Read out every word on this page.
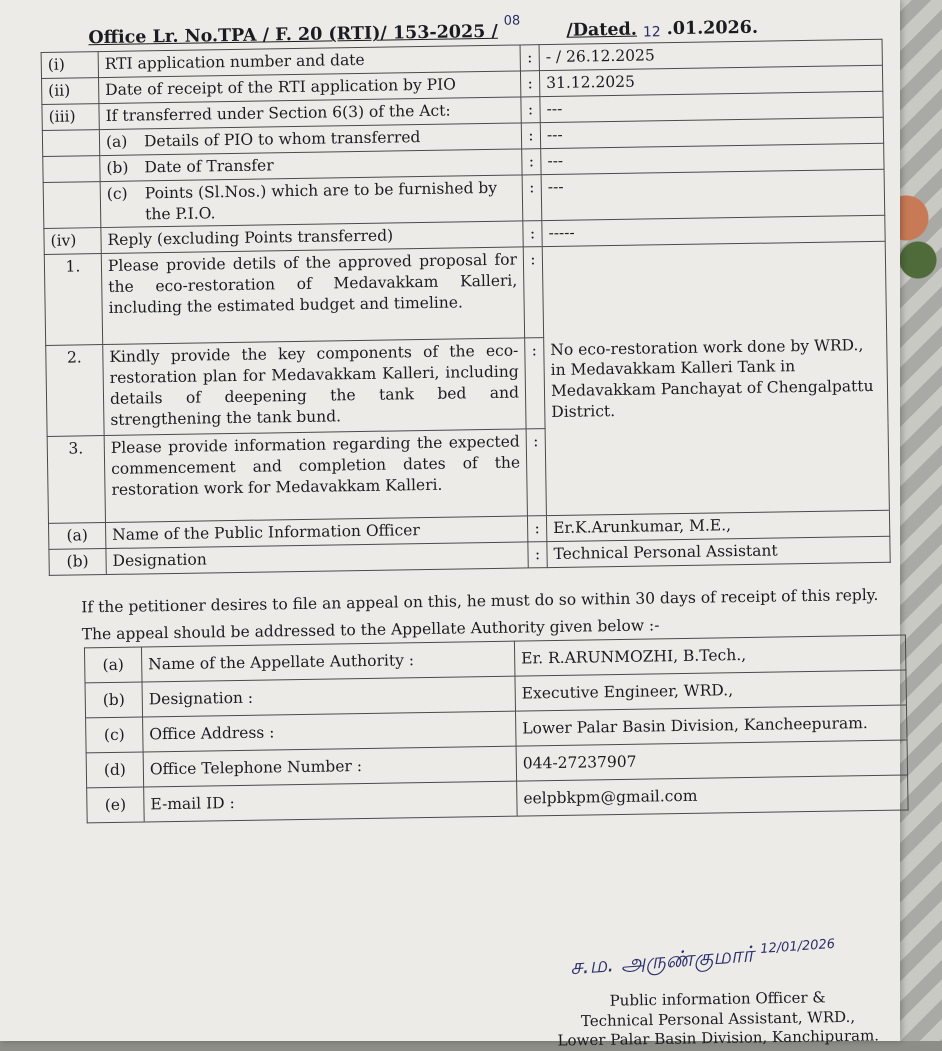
Office Lr. No.TPA / F. 20 (RTI)/ 153-2025 /
08	/Dated. 12 .01.2026.
(i)	RTI application number and date	:	- / 26.12.2025
(ii)	Date of receipt of the RTI application by PIO	:	31.12.2025
(iii)	If transferred under Section 6(3) of the Act:	:	---

	(a) Details of PIO to whom transferred	:	---

	(b) Date of Transfer	:	---

	(c) Points (Sl.Nos.) which are to be furnished by the P.I.O.	:	---
(iv)	Reply (excluding Points transferred)	:	-----
1.	Please provide detils of the approved proposal for the eco-restoration of Medavakkam Kalleri, including the estimated budget and timeline.	:	No eco-restoration work done by WRD., in Medavakkam Kalleri Tank in Medavakkam Panchayat of Chengalpattu District.
2.	Kindly provide the key components of the eco-restoration plan for Medavakkam Kalleri, including details of deepening the tank bed and strengthening the tank bund.	:	
3.	Please provide information regarding the expected commencement and completion dates of the restoration work for Medavakkam Kalleri.	:	
(a)	Name of the Public Information Officer	:	Er.K.Arunkumar, M.E.,
(b)	Designation	:	Technical Personal Assistant

If the petitioner desires to file an appeal on this, he must do so within 30 days of receipt of this reply.

The appeal should be addressed to the Appellate Authority given below :-

(a)	Name of the Appellate Authority :	Er. R.ARUNMOZHI, B.Tech.,
(b)	Designation :	Executive Engineer, WRD.,
(c)	Office Address :	Lower Palar Basin Division, Kancheepuram.
(d)	Office Telephone Number :	044-27237907
(e)	E-mail ID :	eelpbkpm@gmail.com
ச.ம. அருண்குமார் $^{12/01/2026}$
Public information Officer &
Technical Personal Assistant, WRD.,
Lower Palar Basin Division, Kanchipuram.
